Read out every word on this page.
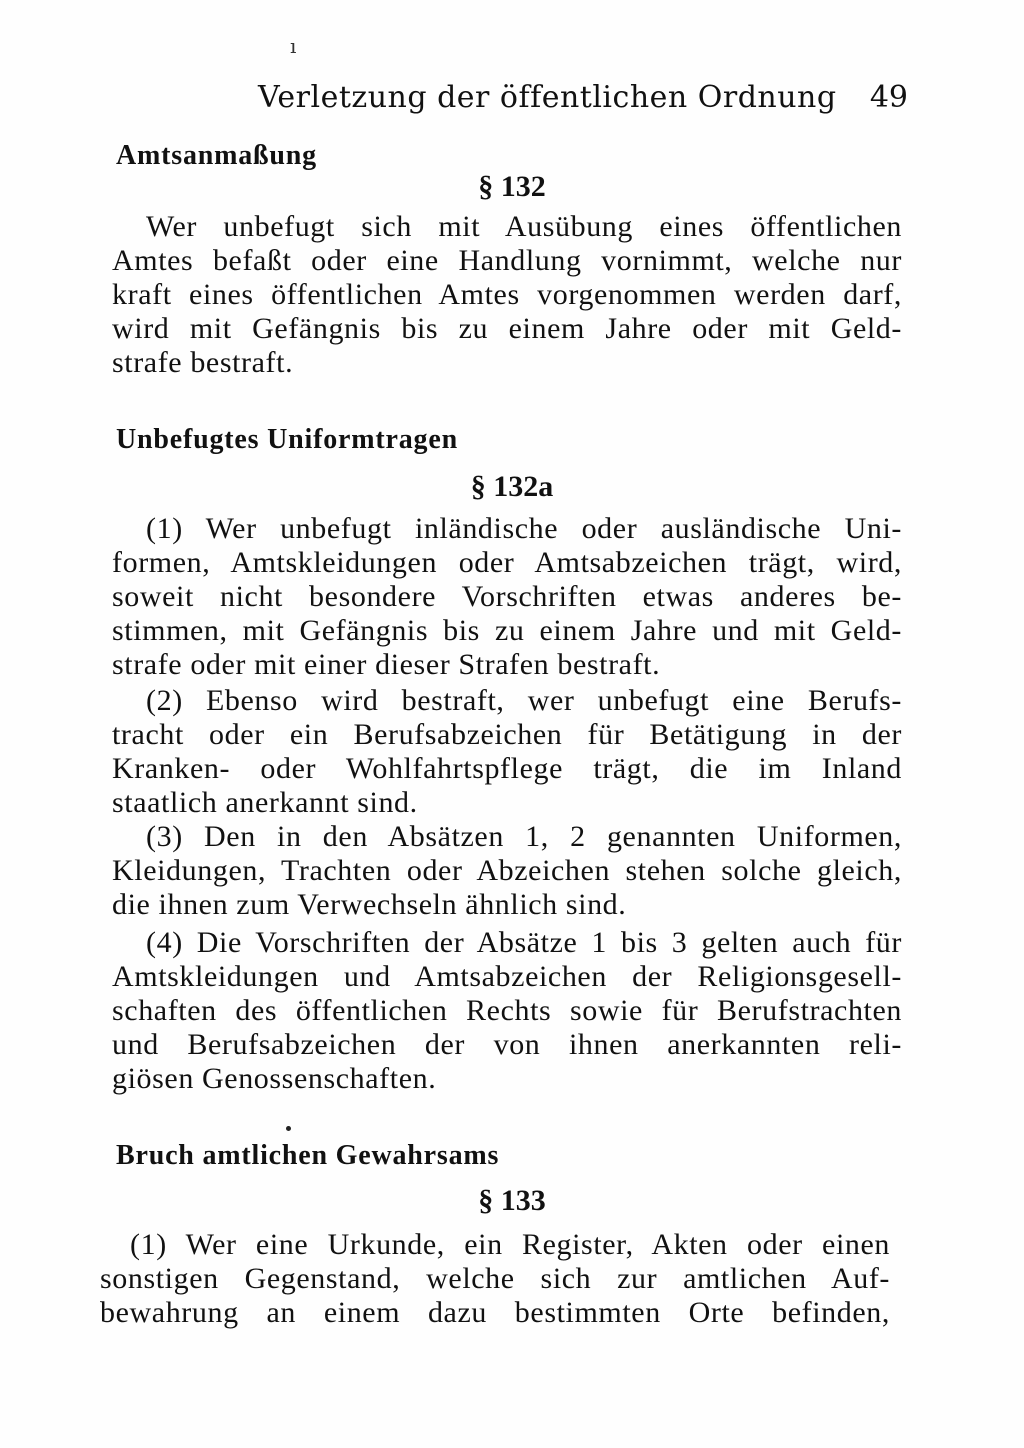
ı
Verletzung der öffentlichen Ordnung 49
Amtsanmaßung
§ 132
Wer unbefugt sich mit Ausübung eines öffentlichen
Amtes befaßt oder eine Handlung vornimmt, welche nur
kraft eines öffentlichen Amtes vorgenommen werden darf,
wird mit Gefängnis bis zu einem Jahre oder mit Geld-
strafe bestraft.
Unbefugtes Uniformtragen
§ 132a
(1) Wer unbefugt inländische oder ausländische Uni-
formen, Amtskleidungen oder Amtsabzeichen trägt, wird,
soweit nicht besondere Vorschriften etwas anderes be-
stimmen, mit Gefängnis bis zu einem Jahre und mit Geld-
strafe oder mit einer dieser Strafen bestraft.
(2) Ebenso wird bestraft, wer unbefugt eine Berufs-
tracht oder ein Berufsabzeichen für Betätigung in der
Kranken- oder Wohlfahrtspflege trägt, die im Inland
staatlich anerkannt sind.
(3) Den in den Absätzen 1, 2 genannten Uniformen,
Kleidungen, Trachten oder Abzeichen stehen solche gleich,
die ihnen zum Verwechseln ähnlich sind.
(4) Die Vorschriften der Absätze 1 bis 3 gelten auch für
Amtskleidungen und Amtsabzeichen der Religionsgesell-
schaften des öffentlichen Rechts sowie für Berufstrachten
und Berufsabzeichen der von ihnen anerkannten reli-
giösen Genossenschaften.
Bruch amtlichen Gewahrsams
§ 133
(1) Wer eine Urkunde, ein Register, Akten oder einen
sonstigen Gegenstand, welche sich zur amtlichen Auf-
bewahrung an einem dazu bestimmten Orte befinden,
